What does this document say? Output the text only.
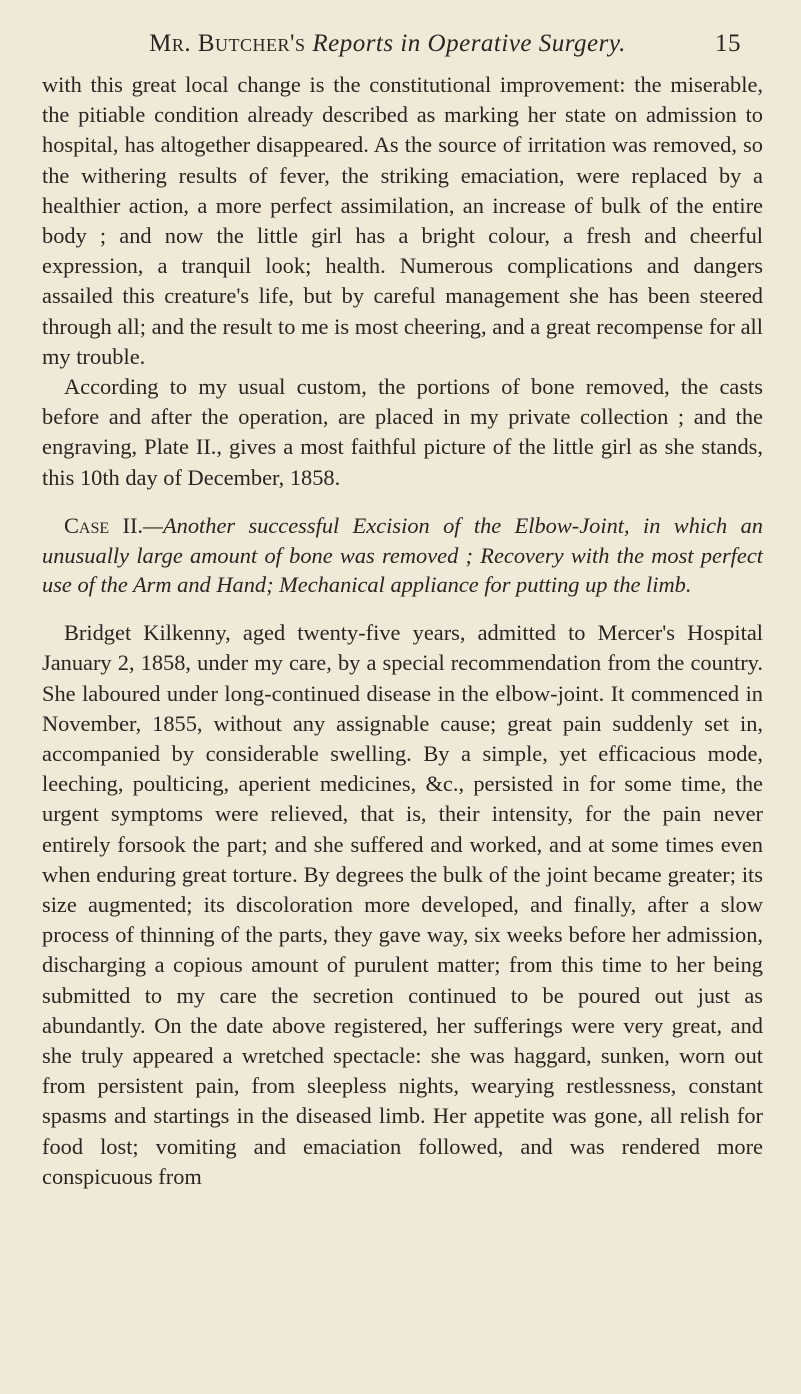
Mr. Butcher's Reports in Operative Surgery.	15

with this great local change is the constitutional improvement: the miserable, the pitiable condition already described as marking her state on admission to hospital, has altogether disappeared. As the source of irritation was removed, so the withering results of fever, the striking emaciation, were replaced by a healthier action, a more perfect assimilation, an increase of bulk of the entire body ; and now the little girl has a bright colour, a fresh and cheerful expression, a tranquil look; health. Numerous complications and dangers assailed this creature's life, but by careful management she has been steered through all; and the result to me is most cheering, and a great recompense for all my trouble.

According to my usual custom, the portions of bone removed, the casts before and after the operation, are placed in my private collection ; and the engraving, Plate II., gives a most faithful picture of the little girl as she stands, this 10th day of December, 1858.

Case II.—Another successful Excision of the Elbow-Joint, in which an unusually large amount of bone was removed ; Recovery with the most perfect use of the Arm and Hand; Mechanical appliance for putting up the limb.

Bridget Kilkenny, aged twenty-five years, admitted to Mercer's Hospital January 2, 1858, under my care, by a special recommendation from the country. She laboured under long-continued disease in the elbow-joint. It commenced in November, 1855, without any assignable cause; great pain suddenly set in, accompanied by considerable swelling. By a simple, yet efficacious mode, leeching, poulticing, aperient medicines, &c., persisted in for some time, the urgent symptoms were relieved, that is, their intensity, for the pain never entirely forsook the part; and she suffered and worked, and at some times even when enduring great torture. By degrees the bulk of the joint became greater; its size augmented; its discoloration more developed, and finally, after a slow process of thinning of the parts, they gave way, six weeks before her admission, discharging a copious amount of purulent matter; from this time to her being submitted to my care the secretion continued to be poured out just as abundantly. On the date above registered, her sufferings were very great, and she truly appeared a wretched spectacle: she was haggard, sunken, worn out from persistent pain, from sleepless nights, wearying restlessness, constant spasms and startings in the diseased limb. Her appetite was gone, all relish for food lost; vomiting and emaciation followed, and was rendered more conspicuous from
